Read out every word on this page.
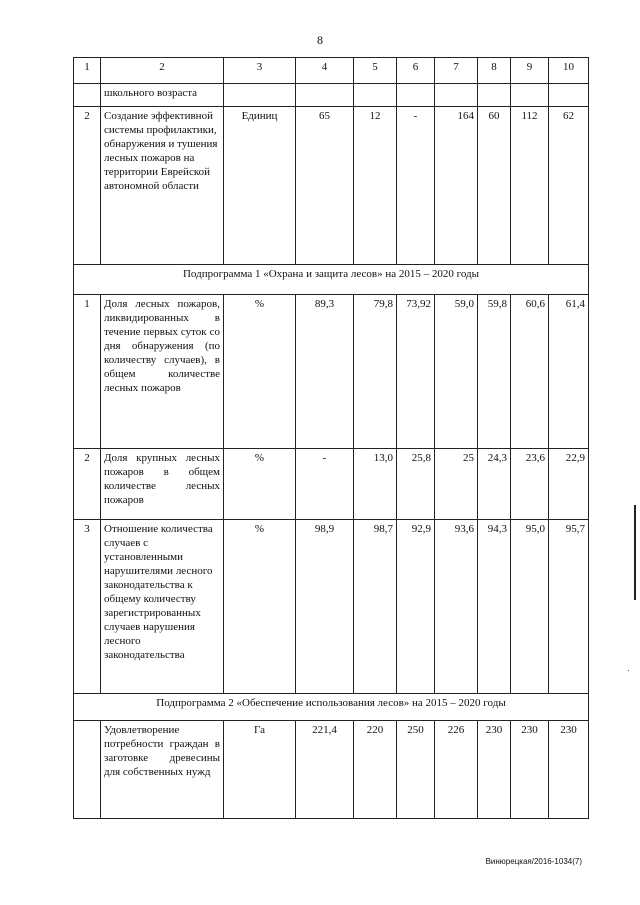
8
1	2	3	4	5	6	7	8	9	10
	школьного возраста								
2	Создание эффективной системы профилактики, обнаружения и тушения лесных пожаров на территории Еврейской автономной области	Единиц	65	12	-	164	60	112	62
Подпрограмма 1 «Охрана и защита лесов» на 2015 – 2020 годы									
1	Доля лесных пожаров, ликвидированных в течение первых суток со дня обнаружения (по количеству случаев), в общем количестве лесных пожаров	%	89,3	79,8	73,92	59,0	59,8	60,6	61,4
2	Доля крупных лесных пожаров в общем количестве лесных пожаров	%	-	13,0	25,8	25	24,3	23,6	22,9
3	Отношение количества случаев с установленными нарушителями лесного законодательства к общему количеству зарегистрированных случаев нарушения лесного законодательства	%	98,9	98,7	92,9	93,6	94,3	95,0	95,7
Подпрограмма 2 «Обеспечение использования лесов» на 2015 – 2020 годы									
	Удовлетворение потребности граждан в заготовке древесины для собственных нужд	Га	221,4	220	250	226	230	230	230
Винюрецкая/2016-1034(7)
